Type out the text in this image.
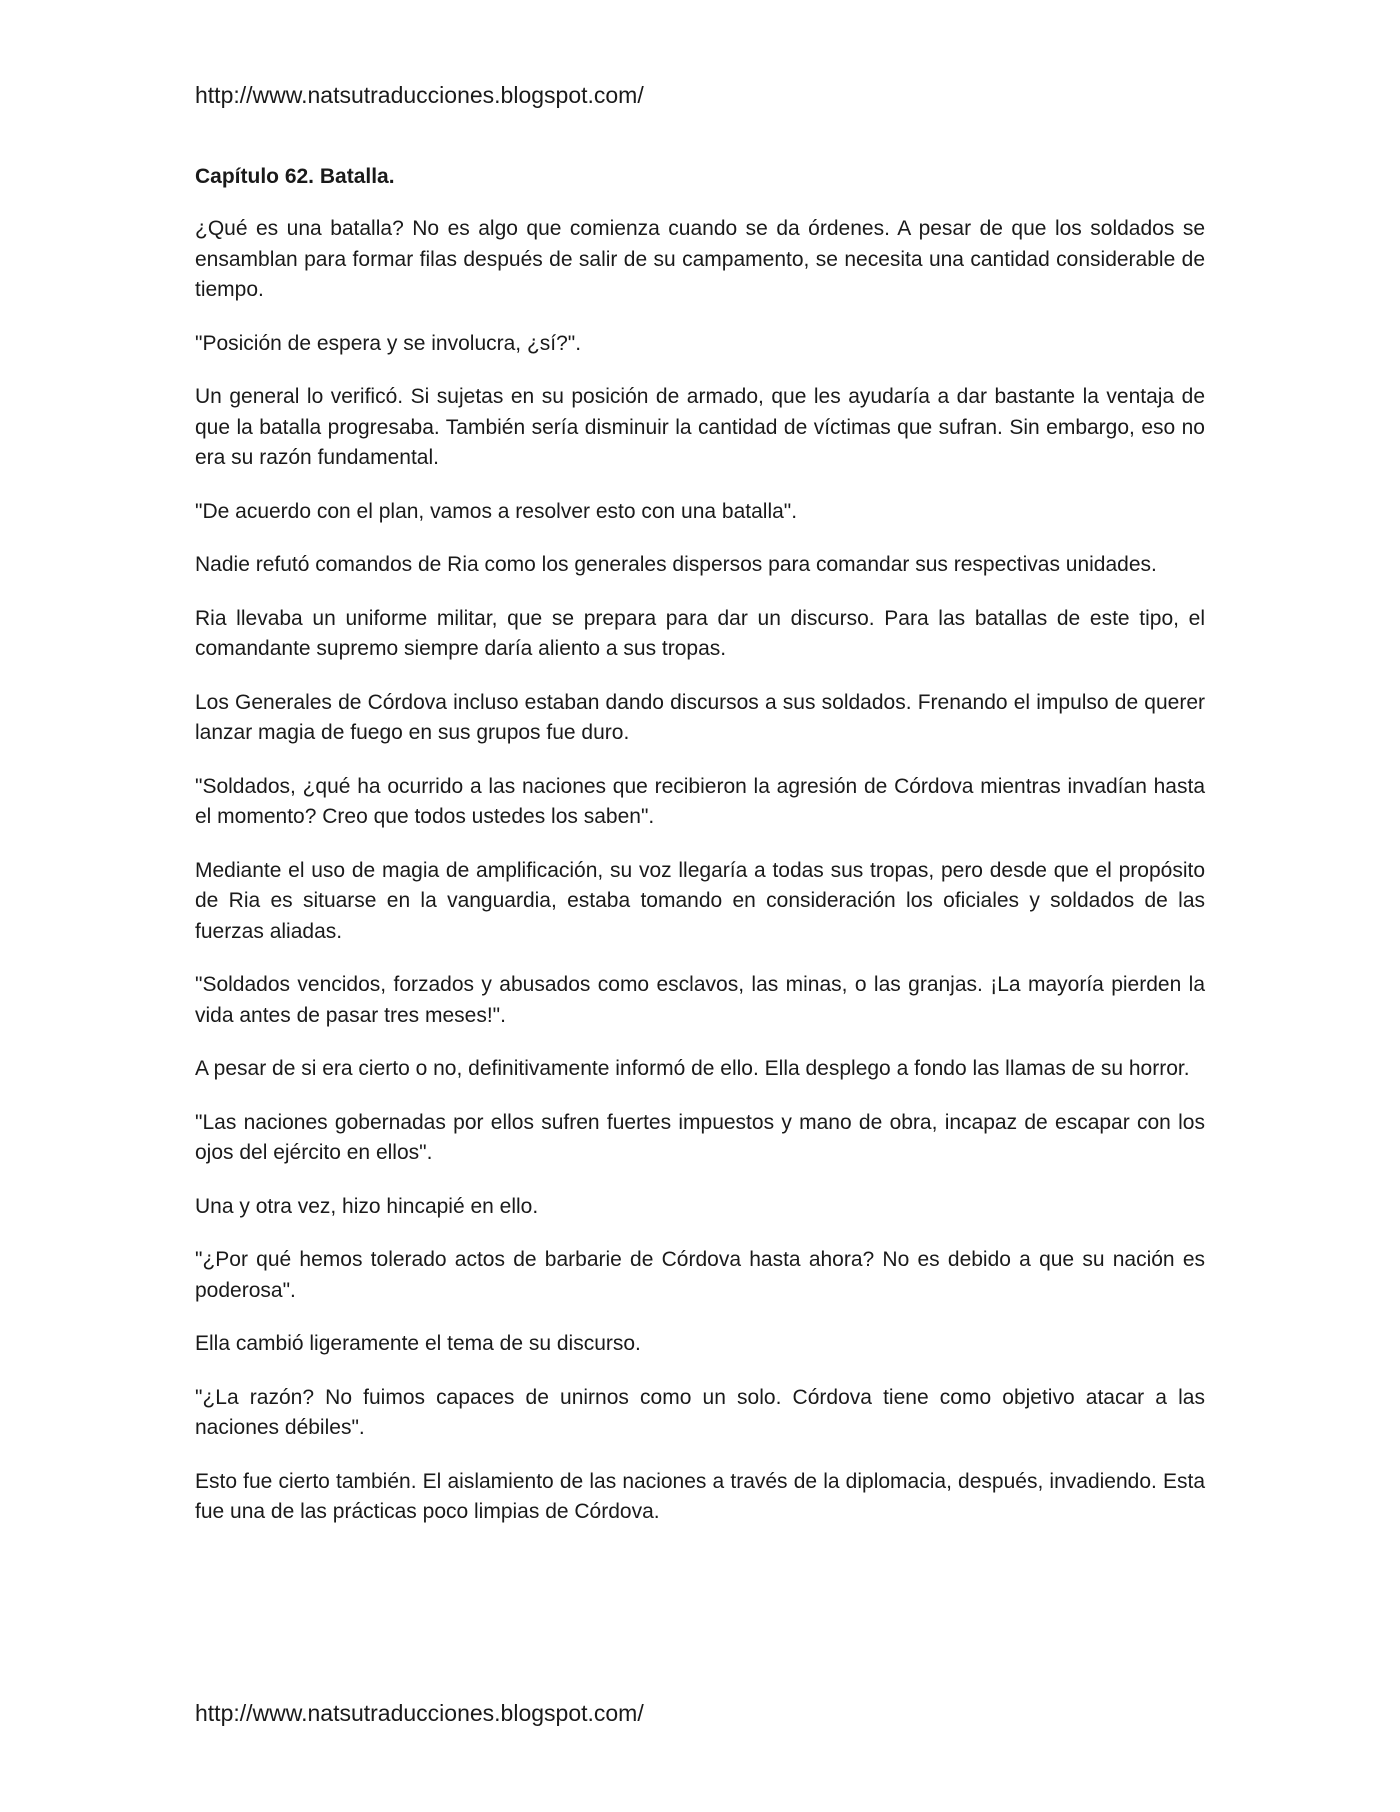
http://www.natsutraducciones.blogspot.com/
Capítulo 62. Batalla.

¿Qué es una batalla? No es algo que comienza cuando se da órdenes. A pesar de que los soldados se ensamblan para formar filas después de salir de su campamento, se necesita una cantidad considerable de tiempo.

"Posición de espera y se involucra, ¿sí?".

Un general lo verificó. Si sujetas en su posición de armado, que les ayudaría a dar bastante la ventaja de que la batalla progresaba. También sería disminuir la cantidad de víctimas que sufran. Sin embargo, eso no era su razón fundamental.

"De acuerdo con el plan, vamos a resolver esto con una batalla".

Nadie refutó comandos de Ria como los generales dispersos para comandar sus respectivas unidades.

Ria llevaba un uniforme militar, que se prepara para dar un discurso. Para las batallas de este tipo, el comandante supremo siempre daría aliento a sus tropas.

Los Generales de Córdova incluso estaban dando discursos a sus soldados. Frenando el impulso de querer lanzar magia de fuego en sus grupos fue duro.

"Soldados, ¿qué ha ocurrido a las naciones que recibieron la agresión de Córdova mientras invadían hasta el momento? Creo que todos ustedes los saben".

Mediante el uso de magia de amplificación, su voz llegaría a todas sus tropas, pero desde que el propósito de Ria es situarse en la vanguardia, estaba tomando en consideración los oficiales y soldados de las fuerzas aliadas.

"Soldados vencidos, forzados y abusados como esclavos, las minas, o las granjas. ¡La mayoría pierden la vida antes de pasar tres meses!".

A pesar de si era cierto o no, definitivamente informó de ello. Ella desplego a fondo las llamas de su horror.

"Las naciones gobernadas por ellos sufren fuertes impuestos y mano de obra, incapaz de escapar con los ojos del ejército en ellos".

Una y otra vez, hizo hincapié en ello.

"¿Por qué hemos tolerado actos de barbarie de Córdova hasta ahora? No es debido a que su nación es poderosa".

Ella cambió ligeramente el tema de su discurso.

"¿La razón? No fuimos capaces de unirnos como un solo. Córdova tiene como objetivo atacar a las naciones débiles".

Esto fue cierto también. El aislamiento de las naciones a través de la diplomacia, después, invadiendo. Esta fue una de las prácticas poco limpias de Córdova.

http://www.natsutraducciones.blogspot.com/
